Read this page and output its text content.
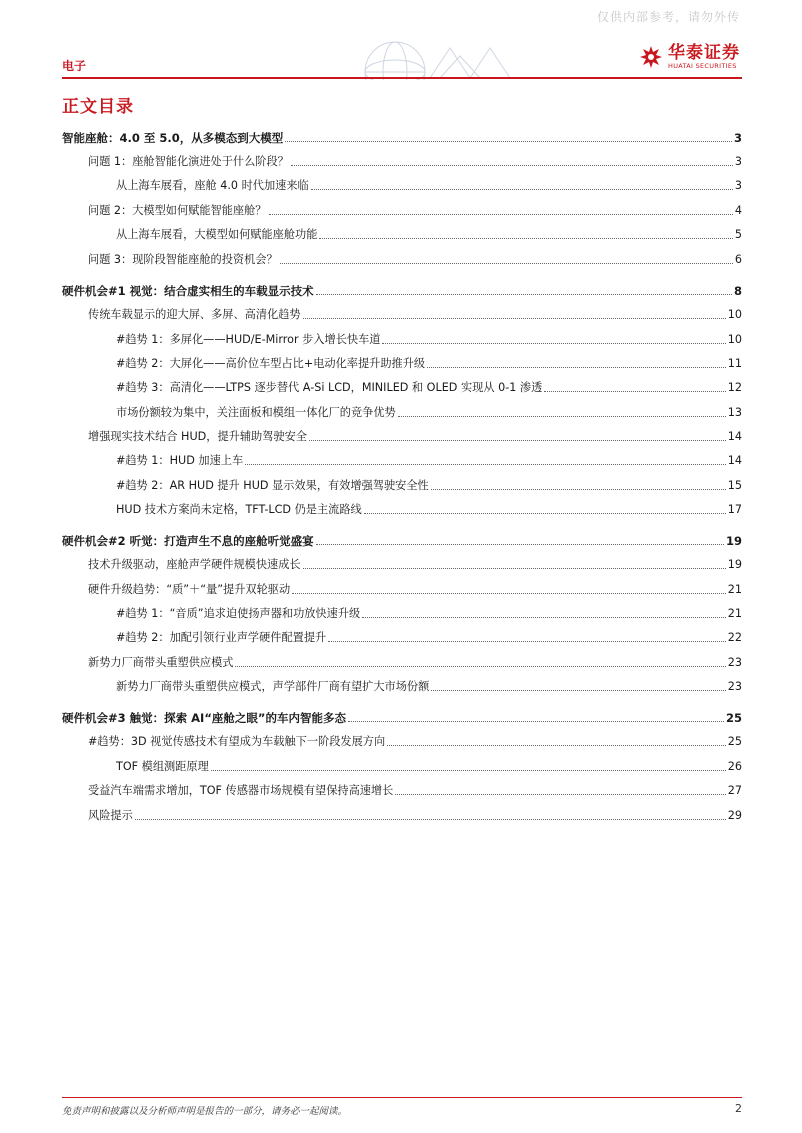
仅供内部参考，请勿外传
电子
华泰证券
HUATAI SECURITIES
正文目录
智能座舱：4.0 至 5.0，从多模态到大模型	3
问题 1：座舱智能化演进处于什么阶段？	3
从上海车展看，座舱 4.0 时代加速来临	3
问题 2：大模型如何赋能智能座舱？	4
从上海车展看，大模型如何赋能座舱功能	5
问题 3：现阶段智能座舱的投资机会？	6
硬件机会#1 视觉：结合虚实相生的车载显示技术	8
传统车载显示的迎大屏、多屏、高清化趋势	10
#趋势 1：多屏化——HUD/E-Mirror 步入增长快车道	10
#趋势 2：大屏化——高价位车型占比+电动化率提升助推升级	11
#趋势 3：高清化——LTPS 逐步替代 A-Si LCD，MINILED 和 OLED 实现从 0-1 渗透	12
市场份额较为集中，关注面板和模组一体化厂的竞争优势	13
增强现实技术结合 HUD，提升辅助驾驶安全	14
#趋势 1：HUD 加速上车	14
#趋势 2：AR HUD 提升 HUD 显示效果，有效增强驾驶安全性	15
HUD 技术方案尚未定格，TFT-LCD 仍是主流路线	17
硬件机会#2 听觉：打造声生不息的座舱听觉盛宴	19
技术升级驱动，座舱声学硬件规模快速成长	19
硬件升级趋势：“质”＋“量”提升双轮驱动	21
#趋势 1：“音质”追求迫使扬声器和功放快速升级	21
#趋势 2：加配引领行业声学硬件配置提升	22
新势力厂商带头重塑供应模式	23
新势力厂商带头重塑供应模式，声学部件厂商有望扩大市场份额	23
硬件机会#3 触觉：探索 AI“座舱之眼”的车内智能多态	25
#趋势：3D 视觉传感技术有望成为车载触下一阶段发展方向	25
TOF 模组测距原理	26
受益汽车端需求增加，TOF 传感器市场规模有望保持高速增长	27
风险提示	29
免责声明和披露以及分析师声明是报告的一部分，请务必一起阅读。	2
